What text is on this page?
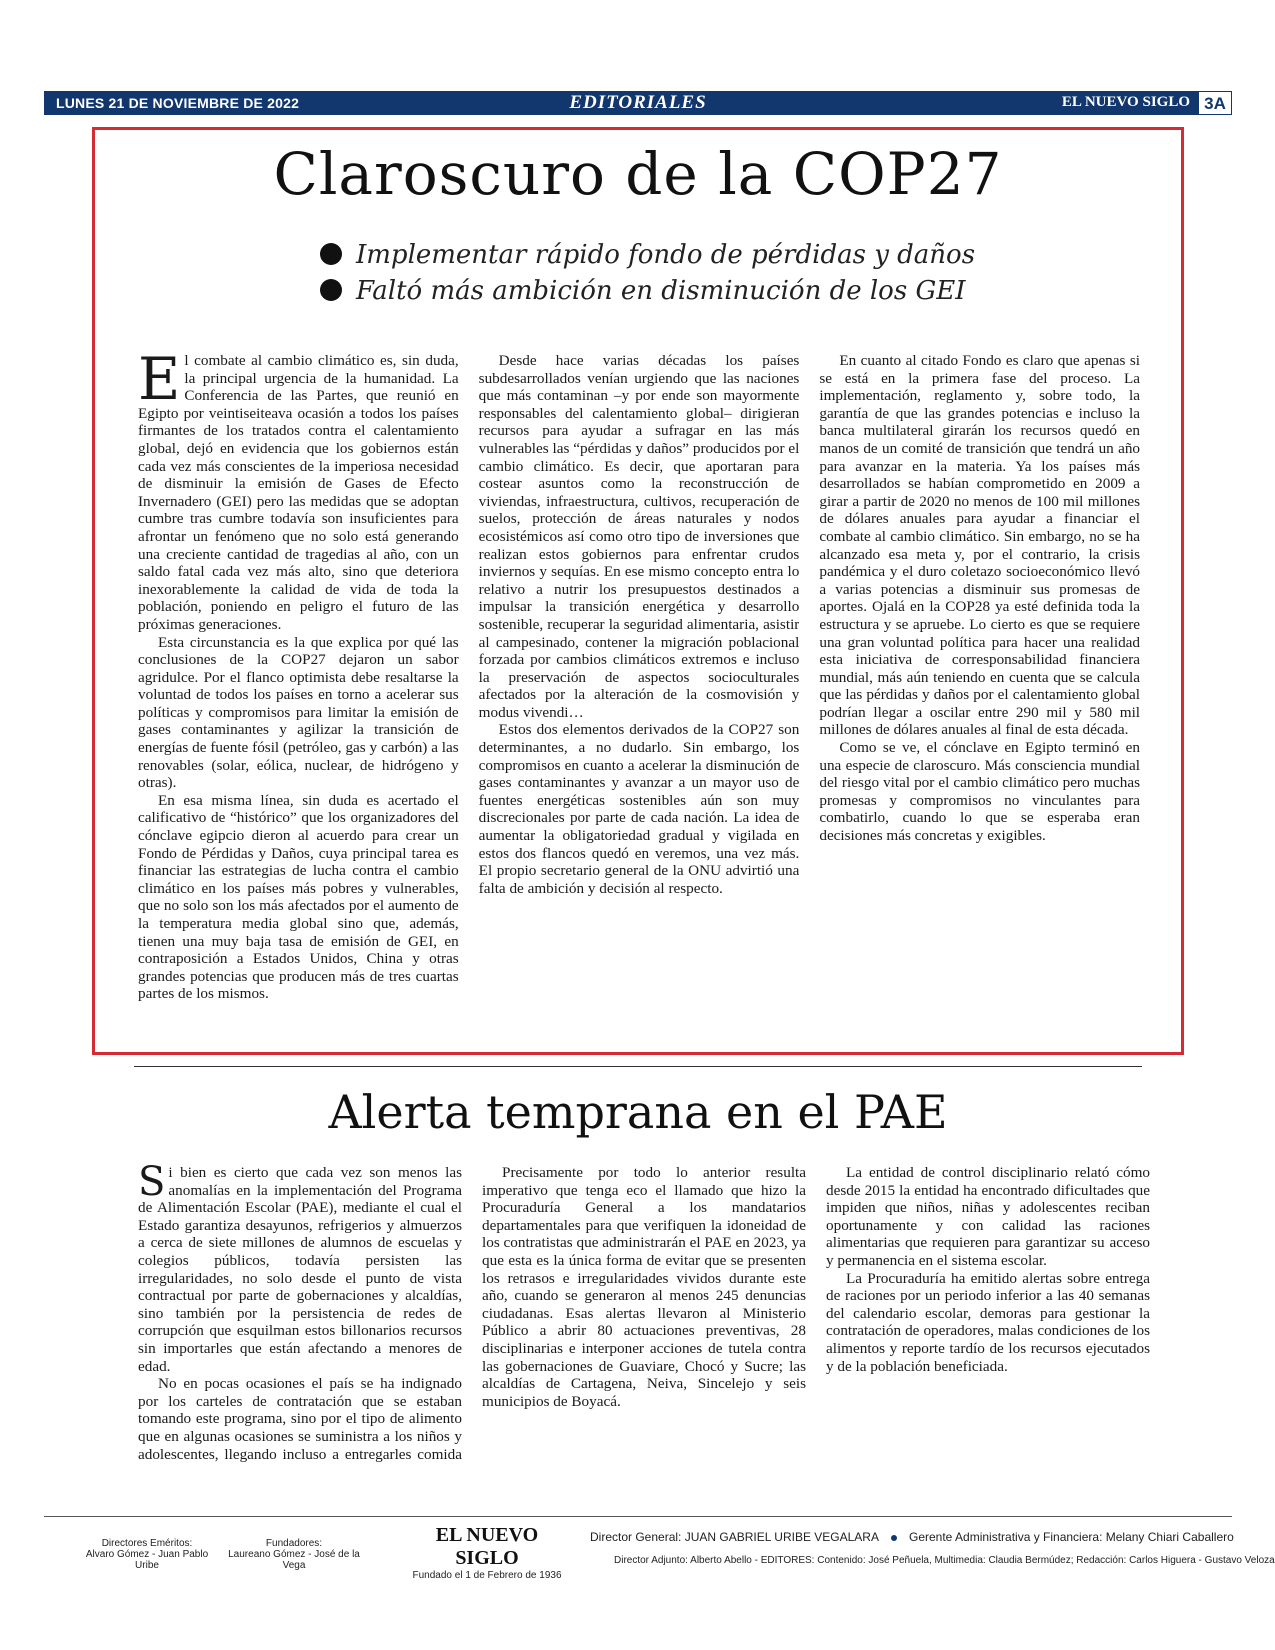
LUNES 21 DE NOVIEMBRE DE 2022	EDITORIALES	EL NUEVO SIGLO 3A
Claroscuro de la COP27
Implementar rápido fondo de pérdidas y daños
Faltó más ambición en disminución de los GEI

El combate al cambio climático es, sin duda, la principal urgencia de la humanidad. La Conferencia de las Partes, que reunió en Egipto por veintiseiteava ocasión a todos los países firmantes de los tratados contra el calentamiento global, dejó en evidencia que los gobiernos están cada vez más conscientes de la imperiosa necesidad de disminuir la emisión de Gases de Efecto Invernadero (GEI) pero las medidas que se adoptan cumbre tras cumbre todavía son insuficientes para afrontar un fenómeno que no solo está generando una creciente cantidad de tragedias al año, con un saldo fatal cada vez más alto, sino que deteriora inexorablemente la calidad de vida de toda la población, poniendo en peligro el futuro de las próximas generaciones.

Esta circunstancia es la que explica por qué las conclusiones de la COP27 dejaron un sabor agridulce. Por el flanco optimista debe resaltarse la voluntad de todos los países en torno a acelerar sus políticas y compromisos para limitar la emisión de gases contaminantes y agilizar la transición de energías de fuente fósil (petróleo, gas y carbón) a las renovables (solar, eólica, nuclear, de hidrógeno y otras).

En esa misma línea, sin duda es acertado el calificativo de “histórico” que los organizadores del cónclave egipcio dieron al acuerdo para crear un Fondo de Pérdidas y Daños, cuya principal tarea es financiar las estrategias de lucha contra el cambio climático en los países más pobres y vulnerables, que no solo son los más afectados por el aumento de la temperatura media global sino que, además, tienen una muy baja tasa de emisión de GEI, en contraposición a Estados Unidos, China y otras grandes potencias que producen más de tres cuartas partes de los mismos.

Desde hace varias décadas los países subdesarrollados venían urgiendo que las naciones que más contaminan –y por ende son mayormente responsables del calentamiento global– dirigieran recursos para ayudar a sufragar en las más vulnerables las “pérdidas y daños” producidos por el cambio climático. Es decir, que aportaran para costear asuntos como la reconstrucción de viviendas, infraestructura, cultivos, recuperación de suelos, protección de áreas naturales y nodos ecosistémicos así como otro tipo de inversiones que realizan estos gobiernos para enfrentar crudos inviernos y sequías. En ese mismo concepto entra lo relativo a nutrir los presupuestos destinados a impulsar la transición energética y desarrollo sostenible, recuperar la seguridad alimentaria, asistir al campesinado, contener la migración poblacional forzada por cambios climáticos extremos e incluso la preservación de aspectos socioculturales afectados por la alteración de la cosmovisión y modus vivendi…

Estos dos elementos derivados de la COP27 son determinantes, a no dudarlo. Sin embargo, los compromisos en cuanto a acelerar la disminución de gases contaminantes y avanzar a un mayor uso de fuentes energéticas sostenibles aún son muy discrecionales por parte de cada nación. La idea de aumentar la obligatoriedad gradual y vigilada en estos dos flancos quedó en veremos, una vez más. El propio secretario general de la ONU advirtió una falta de ambición y decisión al respecto.

En cuanto al citado Fondo es claro que apenas si se está en la primera fase del proceso. La implementación, reglamento y, sobre todo, la garantía de que las grandes potencias e incluso la banca multilateral girarán los recursos quedó en manos de un comité de transición que tendrá un año para avanzar en la materia. Ya los países más desarrollados se habían comprometido en 2009 a girar a partir de 2020 no menos de 100 mil millones de dólares anuales para ayudar a financiar el combate al cambio climático. Sin embargo, no se ha alcanzado esa meta y, por el contrario, la crisis pandémica y el duro coletazo socioeconómico llevó a varias potencias a disminuir sus promesas de aportes. Ojalá en la COP28 ya esté definida toda la estructura y se apruebe. Lo cierto es que se requiere una gran voluntad política para hacer una realidad esta iniciativa de corresponsabilidad financiera mundial, más aún teniendo en cuenta que se calcula que las pérdidas y daños por el calentamiento global podrían llegar a oscilar entre 290 mil y 580 mil millones de dólares anuales al final de esta década.

Como se ve, el cónclave en Egipto terminó en una especie de claroscuro. Más consciencia mundial del riesgo vital por el cambio climático pero muchas promesas y compromisos no vinculantes para combatirlo, cuando lo que se esperaba eran decisiones más concretas y exigibles.

Alerta temprana en el PAE

Si bien es cierto que cada vez son menos las anomalías en la implementación del Programa de Alimentación Escolar (PAE), mediante el cual el Estado garantiza desayunos, refrigerios y almuerzos a cerca de siete millones de alumnos de escuelas y colegios públicos, todavía persisten las irregularidades, no solo desde el punto de vista contractual por parte de gobernaciones y alcaldías, sino también por la persistencia de redes de corrupción que esquilman estos billonarios recursos sin importarles que están afectando a menores de edad.

No en pocas ocasiones el país se ha indignado por los carteles de contratación que se estaban tomando este programa, sino por el tipo de alimento que en algunas ocasiones se suministra a los niños y adolescentes, llegando incluso a entregarles comida

Precisamente por todo lo anterior resulta imperativo que tenga eco el llamado que hizo la Procuraduría General a los mandatarios departamentales para que verifiquen la idoneidad de los contratistas que administrarán el PAE en 2023, ya que esta es la única forma de evitar que se presenten los retrasos e irregularidades vividos durante este año, cuando se generaron al menos 245 denuncias ciudadanas. Esas alertas llevaron al Ministerio Público a abrir 80 actuaciones preventivas, 28 disciplinarias e interponer acciones de tutela contra las gobernaciones de Guaviare, Chocó y Sucre; las alcaldías de Cartagena, Neiva, Sincelejo y seis municipios de Boyacá.

La entidad de control disciplinario relató cómo desde 2015 la entidad ha encontrado dificultades que impiden que niños, niñas y adolescentes reciban oportunamente y con calidad las raciones alimentarias que requieren para garantizar su acceso y permanencia en el sistema escolar.

La Procuraduría ha emitido alertas sobre entrega de raciones por un periodo inferior a las 40 semanas del calendario escolar, demoras para gestionar la contratación de operadores, malas condiciones de los alimentos y reporte tardío de los recursos ejecutados y de la población beneficiada.

Directores Eméritos:
Alvaro Gómez - Juan Pablo Uribe
Fundadores:
Laureano Gómez - José de la Vega
EL NUEVO SIGLO
Fundado el 1 de Febrero de 1936
Director General: JUAN GABRIEL URIBE VEGALARA	Gerente Administrativa y Financiera: Melany Chiari Caballero
Director Adjunto: Alberto Abello - EDITORES: Contenido: José Peñuela, Multimedia: Claudia Bermúdez; Redacción: Carlos Higuera - Gustavo Veloza
